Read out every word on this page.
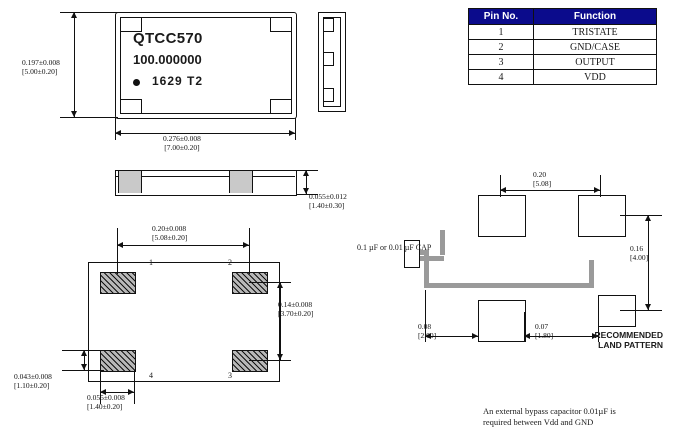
QTCC570
100.000000
1629 T2
0.276±0.008
[7.00±0.20]
0.197±0.008
[5.00±0.20]
0.055±0.012
[1.40±0.30]
1	2
3
4
0.20±0.008
[5.08±0.20]
0.14±0.008
[3.70±0.20]
0.043±0.008
[1.10±0.20]
0.055±0.008
[1.40±0.20]
Pin No.	Function
1	TRISTATE
2	GND/CASE
3	OUTPUT
4	VDD
0.1 µF or 0.01 µF CAP
0.20
[5.08]
0.16
[4.00]
0.08
[2.00]
0.07
[1.80]	RECOMMENDED
LAND PATTERN
An external bypass capacitor 0.01µF is
required between Vdd and GND
